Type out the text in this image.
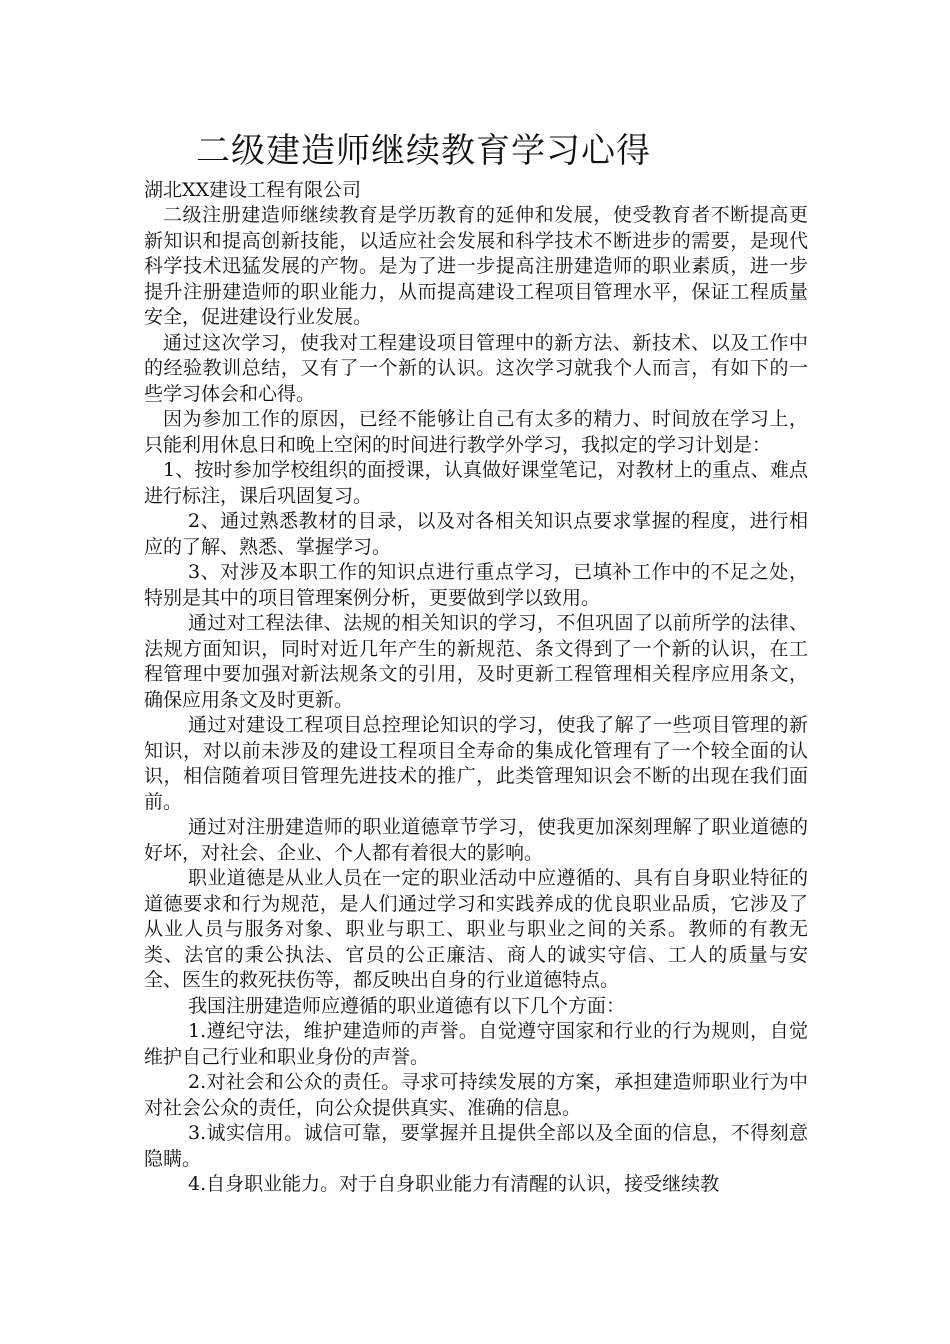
二级建造师继续教育学习心得

湖北XX建设工程有限公司

二级注册建造师继续教育是学历教育的延伸和发展，使受教育者不断提高更新知识和提高创新技能，以适应社会发展和科学技术不断进步的需要，是现代科学技术迅猛发展的产物。是为了进一步提高注册建造师的职业素质，进一步提升注册建造师的职业能力，从而提高建设工程项目管理水平，保证工程质量安全，促进建设行业发展。

通过这次学习，使我对工程建设项目管理中的新方法、新技术、以及工作中的经验教训总结，又有了一个新的认识。这次学习就我个人而言，有如下的一些学习体会和心得。

因为参加工作的原因，已经不能够让自己有太多的精力、时间放在学习上，只能利用休息日和晚上空闲的时间进行教学外学习，我拟定的学习计划是：

1、按时参加学校组织的面授课，认真做好课堂笔记，对教材上的重点、难点进行标注，课后巩固复习。

2、通过熟悉教材的目录，以及对各相关知识点要求掌握的程度，进行相应的了解、熟悉、掌握学习。

3、对涉及本职工作的知识点进行重点学习，已填补工作中的不足之处，特别是其中的项目管理案例分析，更要做到学以致用。

通过对工程法律、法规的相关知识的学习，不但巩固了以前所学的法律、法规方面知识，同时对近几年产生的新规范、条文得到了一个新的认识，在工程管理中要加强对新法规条文的引用，及时更新工程管理相关程序应用条文，确保应用条文及时更新。

通过对建设工程项目总控理论知识的学习，使我了解了一些项目管理的新知识，对以前未涉及的建设工程项目全寿命的集成化管理有了一个较全面的认识，相信随着项目管理先进技术的推广，此类管理知识会不断的出现在我们面前。

通过对注册建造师的职业道德章节学习，使我更加深刻理解了职业道德的好坏，对社会、企业、个人都有着很大的影响。

职业道德是从业人员在一定的职业活动中应遵循的、具有自身职业特征的道德要求和行为规范，是人们通过学习和实践养成的优良职业品质，它涉及了从业人员与服务对象、职业与职工、职业与职业之间的关系。教师的有教无类、法官的秉公执法、官员的公正廉洁、商人的诚实守信、工人的质量与安全、医生的救死扶伤等，都反映出自身的行业道德特点。

我国注册建造师应遵循的职业道德有以下几个方面：

1.遵纪守法，维护建造师的声誉。自觉遵守国家和行业的行为规则，自觉维护自己行业和职业身份的声誉。

2.对社会和公众的责任。寻求可持续发展的方案，承担建造师职业行为中对社会公众的责任，向公众提供真实、准确的信息。

3.诚实信用。诚信可靠，要掌握并且提供全部以及全面的信息，不得刻意隐瞒。

4.自身职业能力。对于自身职业能力有清醒的认识，接受继续教
